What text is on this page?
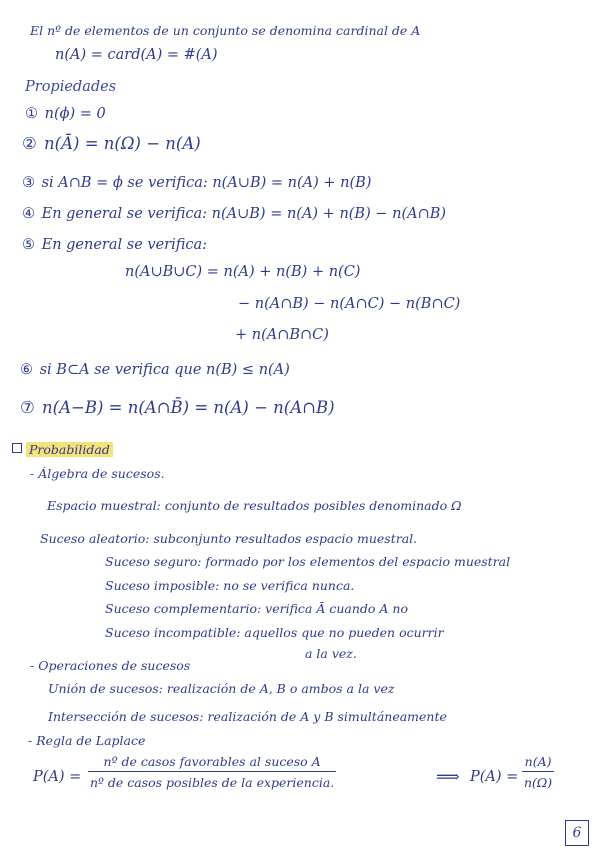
El nº de elementos de un conjunto se denomina cardinal de A
n(A) = card(A) = #(A)
Propiedades
① n(ϕ) = 0
② n(Ā) = n(Ω) − n(A)
③ si A∩B = ϕ se verifica: n(A∪B) = n(A) + n(B)
④ En general se verifica: n(A∪B) = n(A) + n(B) − n(A∩B)
⑤ En general se verifica:
n(A∪B∪C) = n(A) + n(B) + n(C)
− n(A∩B) − n(A∩C) − n(B∩C)
+ n(A∩B∩C)
⑥ si B⊂A se verifica que n(B) ≤ n(A)
⑦ n(A−B) = n(A∩B̄) = n(A) − n(A∩B)
Probabilidad
- Álgebra de sucesos.
Espacio muestral: conjunto de resultados posibles denominado Ω
Suceso aleatorio: subconjunto resultados espacio muestral.
Suceso seguro: formado por los elementos del espacio muestral
Suceso imposible: no se verifica nunca.
Suceso complementario: verifica Ā cuando A no
Suceso incompatible: aquellos que no pueden ocurrir
a la vez.
- Operaciones de sucesos
Unión de sucesos: realización de A, B o ambos a la vez
Intersección de sucesos: realización de A y B simultáneamente
- Regla de Laplace
P(A) =
nº de casos favorables al suceso A
nº de casos posibles de la experiencia.	⟹ P(A) =
n(A)
n(Ω)
6
